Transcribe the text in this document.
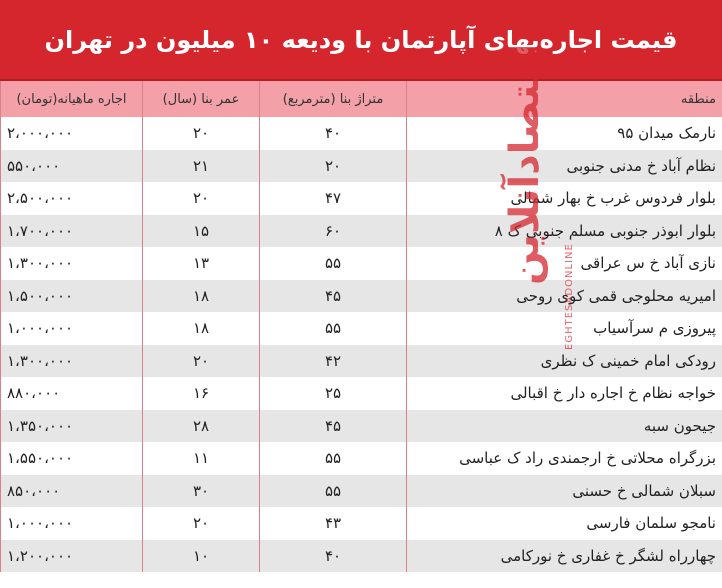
قیمت اجاره‌بهای آپارتمان با ودیعه ۱۰ میلیون در تهران
منطقه	متراژ بنا (مترمربع)	عمر بنا (سال)	اجاره ماهیانه(تومان)
نارمک میدان ۹۵	۴۰	۲۰	۲،۰۰۰،۰۰۰
نظام آباد خ مدنی جنوبی	۲۰	۲۱	۵۵۰،۰۰۰
بلوار فردوس غرب خ بهار شمالی	۴۷	۲۰	۲،۵۰۰،۰۰۰
بلوار ابوذر جنوبی مسلم جنوبی ک ۸	۶۰	۱۵	۱،۷۰۰،۰۰۰
نازی آباد خ س عراقی	۵۵	۱۳	۱،۳۰۰،۰۰۰
امیریه محلوجی قمی کوی روحی	۴۵	۱۸	۱،۵۰۰،۰۰۰
پیروزی م سرآسیاب	۵۵	۱۸	۱،۰۰۰،۰۰۰
رودکی امام خمینی ک نظری	۴۲	۲۰	۱،۳۰۰،۰۰۰
خواجه نظام خ اجاره دار خ اقبالی	۲۵	۱۶	۸۸۰،۰۰۰
جیحون سبه	۴۵	۲۸	۱،۳۵۰،۰۰۰
بزرگراه محلاتی خ ارجمندی راد ک عباسی	۵۵	۱۱	۱،۵۵۰،۰۰۰
سبلان شمالی خ حسنی	۵۵	۳۰	۸۵۰،۰۰۰
نامجو سلمان فارسی	۴۳	۲۰	۱،۰۰۰،۰۰۰
چهارراه لشگر خ غفاری خ نورکامی	۴۰	۱۰	۱،۲۰۰،۰۰۰
اقتصادآنلاین
EGHTESADONLINE
